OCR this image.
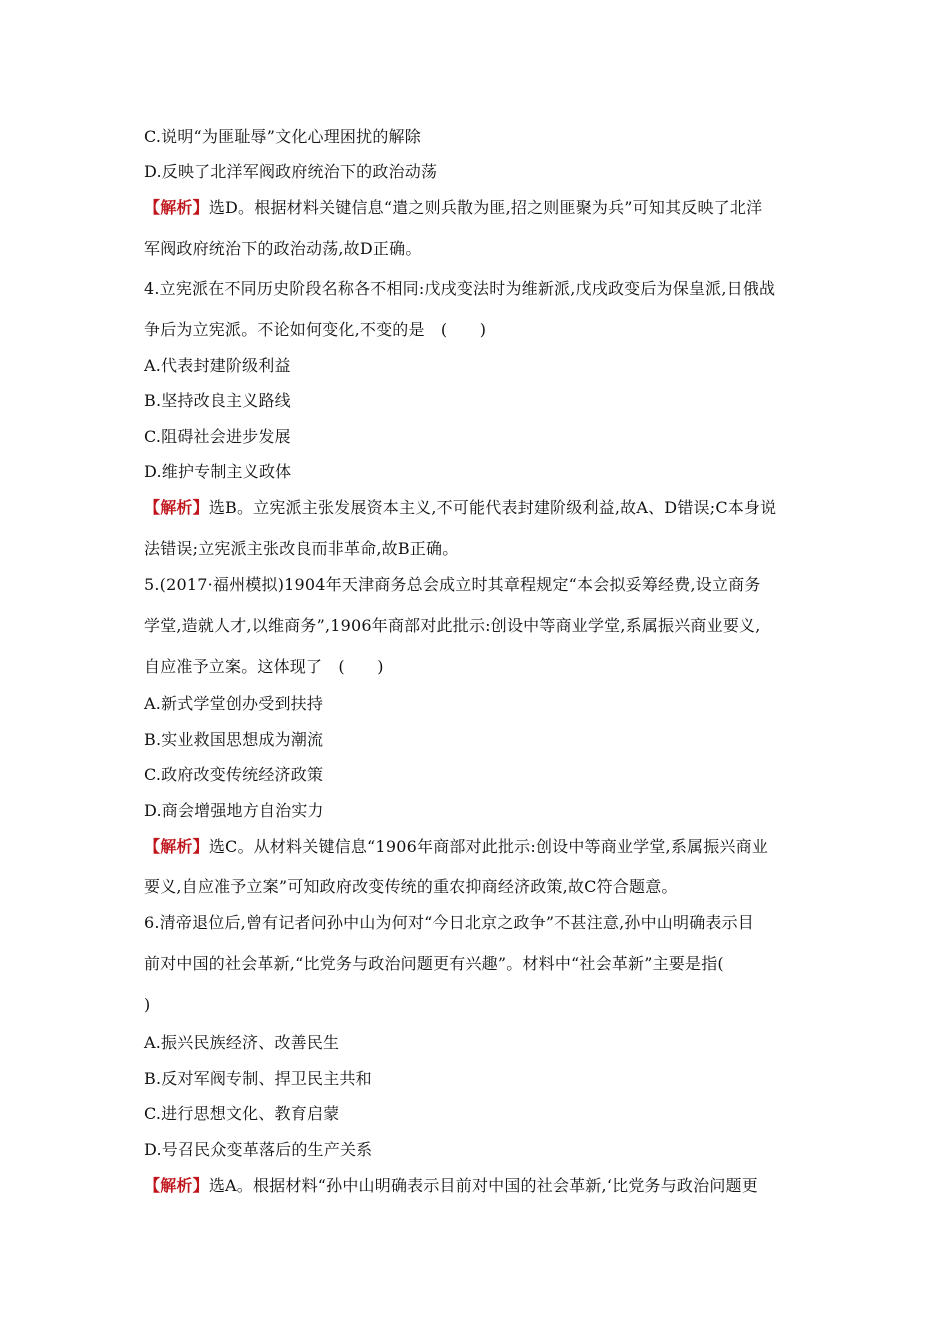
C.说明“为匪耻辱”文化心理困扰的解除
D.反映了北洋军阀政府统治下的政治动荡
【解析】选D。根据材料关键信息“遣之则兵散为匪,招之则匪聚为兵”可知其反映了北洋
军阀政府统治下的政治动荡,故D正确。
4.立宪派在不同历史阶段名称各不相同:戊戌变法时为维新派,戊戌政变后为保皇派,日俄战
争后为立宪派。不论如何变化,不变的是　(　　)
A.代表封建阶级利益
B.坚持改良主义路线
C.阻碍社会进步发展
D.维护专制主义政体
【解析】选B。立宪派主张发展资本主义,不可能代表封建阶级利益,故A、D错误;C本身说
法错误;立宪派主张改良而非革命,故B正确。
5.(2017·福州模拟)1904年天津商务总会成立时其章程规定“本会拟妥筹经费,设立商务
学堂,造就人才,以维商务”,1906年商部对此批示:创设中等商业学堂,系属振兴商业要义,
自应准予立案。这体现了　(　　)
A.新式学堂创办受到扶持
B.实业救国思想成为潮流
C.政府改变传统经济政策
D.商会增强地方自治实力
【解析】选C。从材料关键信息“1906年商部对此批示:创设中等商业学堂,系属振兴商业
要义,自应准予立案”可知政府改变传统的重农抑商经济政策,故C符合题意。
6.清帝退位后,曾有记者问孙中山为何对“今日北京之政争”不甚注意,孙中山明确表示目
前对中国的社会革新,“比党务与政治问题更有兴趣”。材料中“社会革新”主要是指(
)
A.振兴民族经济、改善民生
B.反对军阀专制、捍卫民主共和
C.进行思想文化、教育启蒙
D.号召民众变革落后的生产关系
【解析】选A。根据材料“孙中山明确表示目前对中国的社会革新,‘比党务与政治问题更
